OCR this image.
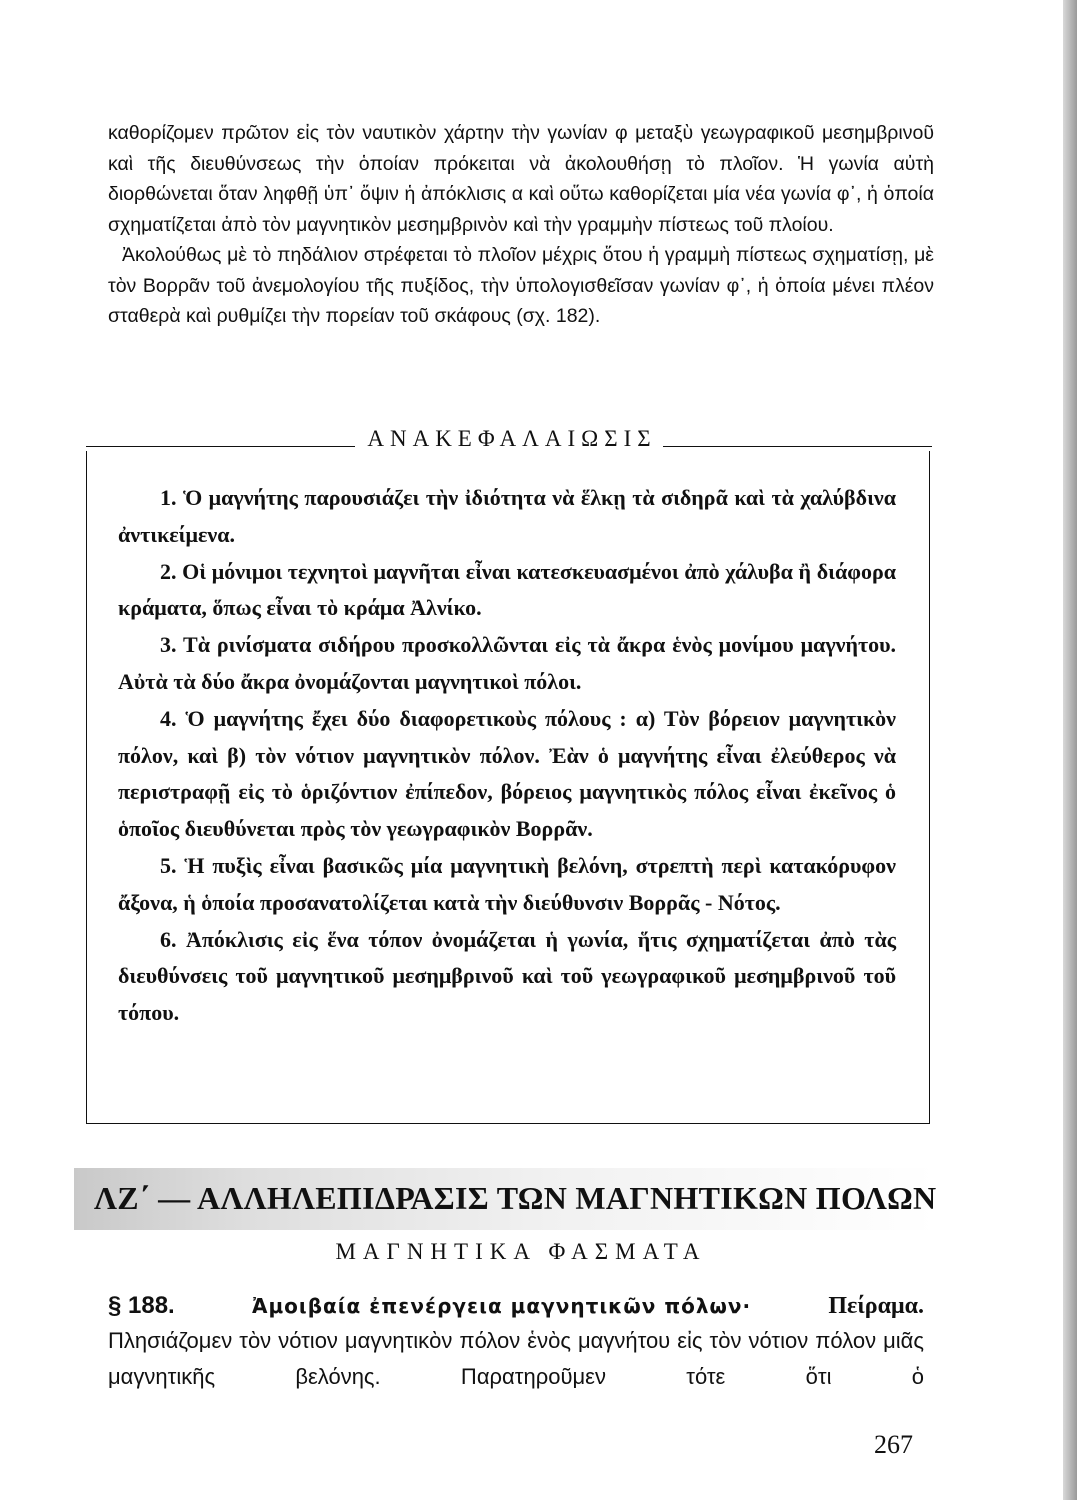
καθορίζομεν πρῶτον εἰς τὸν ναυτικὸν χάρτην τὴν γωνίαν φ μεταξὺ γεωγραφικοῦ μεσημβρινοῦ καὶ τῆς διευθύνσεως τὴν ὁποίαν πρόκειται νὰ ἀκολουθήσῃ τὸ πλοῖον. Ἡ γωνία αὐτὴ διορθώνεται ὅταν ληφθῇ ὑπ᾽ ὄψιν ἡ ἀπόκλισις α καὶ οὕτω καθορίζεται μία νέα γωνία φ᾽, ἡ ὁποία σχηματίζεται ἀπὸ τὸν μαγνητικὸν μεσημβρινὸν καὶ τὴν γραμμὴν πίστεως τοῦ πλοίου.

Ἀκολούθως μὲ τὸ πηδάλιον στρέφεται τὸ πλοῖον μέχρις ὅτου ἡ γραμμὴ πίστεως σχηματίσῃ, μὲ τὸν Βορρᾶν τοῦ ἀνεμολογίου τῆς πυξίδος, τὴν ὑπολογισθεῖσαν γωνίαν φ᾽, ἡ ὁποία μένει πλέον σταθερὰ καὶ ρυθμίζει τὴν πορείαν τοῦ σκάφους (σχ. 182).

ΑΝΑΚΕΦΑΛΑΙΩΣΙΣ

1. Ὁ μαγνήτης παρουσιάζει τὴν ἰδιότητα νὰ ἕλκῃ τὰ σιδηρᾶ καὶ τὰ χαλύβδινα ἀντικείμενα.

2. Οἱ μόνιμοι τεχνητοὶ μαγνῆται εἶναι κατεσκευασμένοι ἀπὸ χάλυβα ἢ διάφορα κράματα, ὅπως εἶναι τὸ κράμα Ἀλνίκο.

3. Τὰ ρινίσματα σιδήρου προσκολλῶνται εἰς τὰ ἄκρα ἑνὸς μονίμου μαγνήτου. Αὐτὰ τὰ δύο ἄκρα ὀνομάζονται μαγνητικοὶ πόλοι.

4. Ὁ μαγνήτης ἔχει δύο διαφορετικοὺς πόλους : α) Τὸν βόρειον μαγνητικὸν πόλον, καὶ β) τὸν νότιον μαγνητικὸν πόλον. Ἐὰν ὁ μαγνήτης εἶναι ἐλεύθερος νὰ περιστραφῇ εἰς τὸ ὁριζόντιον ἐπίπεδον, βόρειος μαγνητικὸς πόλος εἶναι ἐκεῖνος ὁ ὁποῖος διευθύνεται πρὸς τὸν γεωγραφικὸν Βορρᾶν.

5. Ἡ πυξὶς εἶναι βασικῶς μία μαγνητικὴ βελόνη, στρεπτὴ περὶ κατακόρυφον ἄξονα, ἡ ὁποία προσανατολίζεται κατὰ τὴν διεύθυνσιν Βορρᾶς - Νότος.

6. Ἀπόκλισις εἰς ἕνα τόπον ὀνομάζεται ἡ γωνία, ἥτις σχηματίζεται ἀπὸ τὰς διευθύνσεις τοῦ μαγνητικοῦ μεσημβρινοῦ καὶ τοῦ γεωγραφικοῦ μεσημβρινοῦ τοῦ τόπου.

ΛΖ΄ — ΑΛΛΗΛΕΠΙΔΡΑΣΙΣ ΤΩΝ ΜΑΓΝΗΤΙΚΩΝ ΠΟΛΩΝ
ΜΑΓΝΗΤΙΚΑ ΦΑΣΜΑΤΑ
§ 188.	Ἀμοιβαία ἐπενέργεια μαγνητικῶν πόλων·	Πείραμα.

Πλησιάζομεν τὸν νότιον μαγνητικὸν πόλον ἑνὸς μαγνήτου εἰς τὸν νότιον πόλον μιᾶς μαγνητικῆς βελόνης. Παρατηροῦμεν τότε ὅτι ὁ

267
